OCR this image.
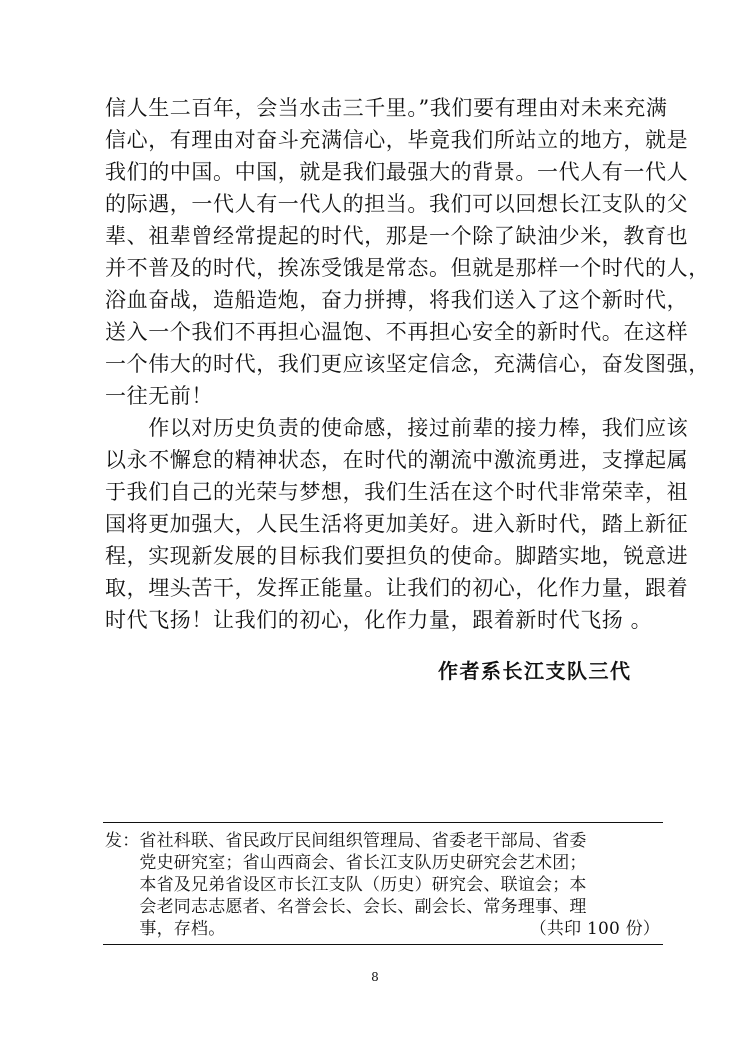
信人生二百年，会当水击三千里。”我们要有理由对未来充满
信心，有理由对奋斗充满信心，毕竟我们所站立的地方，就是
我们的中国。中国，就是我们最强大的背景。一代人有一代人
的际遇，一代人有一代人的担当。我们可以回想长江支队的父
辈、祖辈曾经常提起的时代，那是一个除了缺油少米，教育也
并不普及的时代，挨冻受饿是常态。但就是那样一个时代的人，
浴血奋战，造船造炮，奋力拼搏，将我们送入了这个新时代，
送入一个我们不再担心温饱、不再担心安全的新时代。在这样
一个伟大的时代，我们更应该坚定信念，充满信心，奋发图强，
一往无前！
　　作以对历史负责的使命感，接过前辈的接力棒，我们应该
以永不懈怠的精神状态，在时代的潮流中激流勇进，支撑起属
于我们自己的光荣与梦想，我们生活在这个时代非常荣幸，祖
国将更加强大，人民生活将更加美好。进入新时代，踏上新征
程，实现新发展的目标我们要担负的使命。脚踏实地，锐意进
取，埋头苦干，发挥正能量。让我们的初心，化作力量，跟着
时代飞扬！让我们的初心，化作力量，跟着新时代飞扬 。
作者系长江支队三代
发：省社科联、省民政厅民间组织管理局、省委老干部局、省委
　　党史研究室；省山西商会、省长江支队历史研究会艺术团；
　　本省及兄弟省设区市长江支队（历史）研究会、联谊会；本
　　会老同志志愿者、名誉会长、会长、副会长、常务理事、理
　　事，存档。	（共印 100 份）
8
